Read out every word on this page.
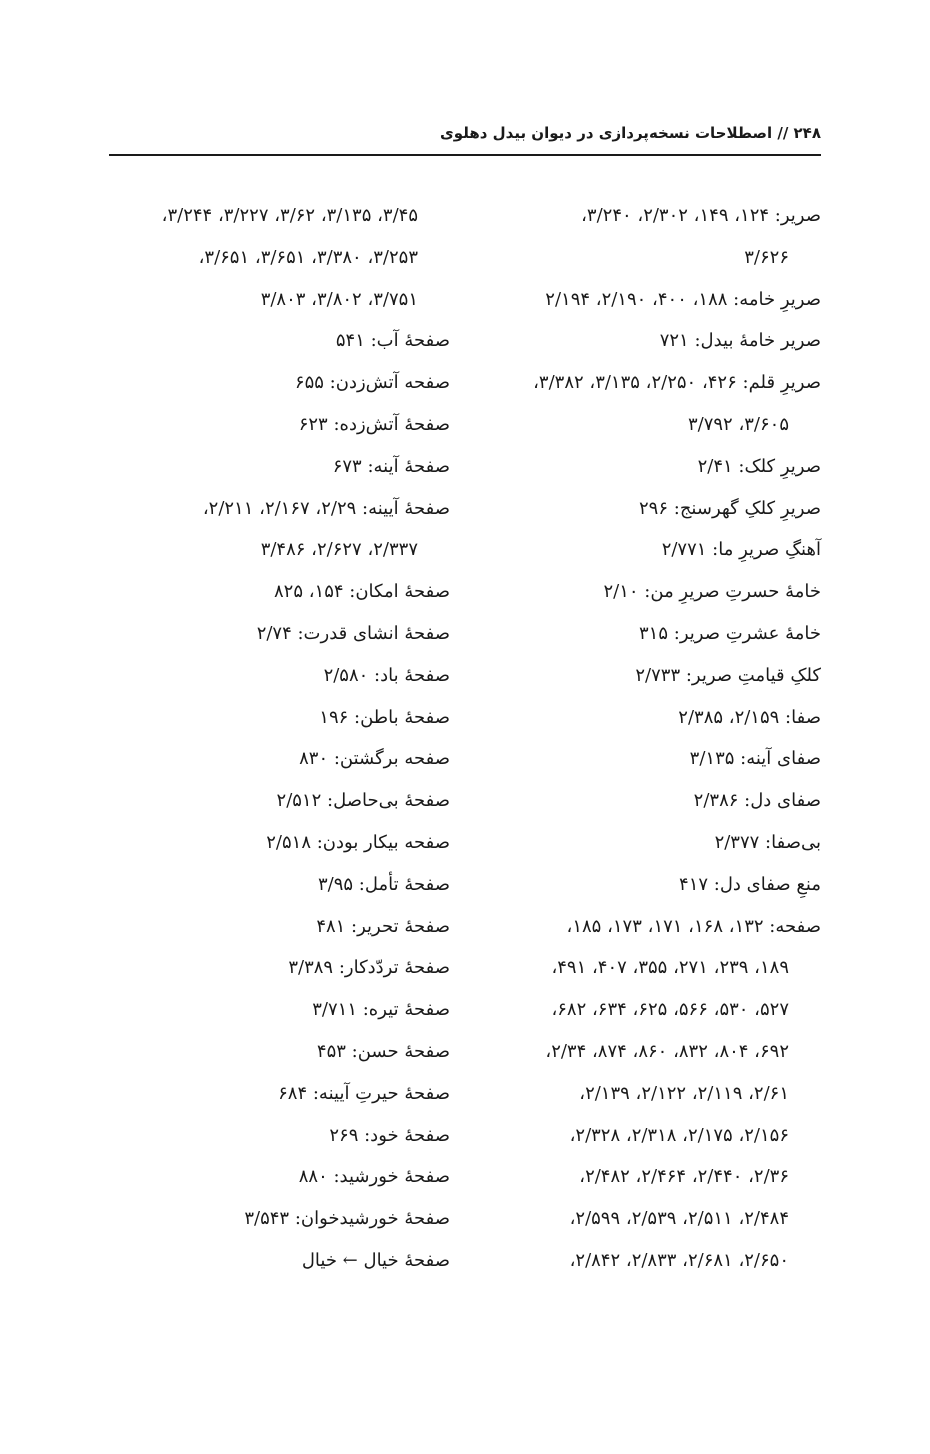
۲۴۸ // اصطلاحات نسخه‌پردازی در دیوان بیدل دهلوی
صریر: ۱۲۴، ۱۴۹، ۲/۳۰۲، ۳/۲۴۰،
۳/۶۲۶
صریرِ خامه: ۱۸۸، ۴۰۰، ۲/۱۹۰، ۲/۱۹۴
صریر خامهٔ بیدل: ۷۲۱
صریرِ قلم: ۴۲۶، ۲/۲۵۰، ۳/۱۳۵، ۳/۳۸۲،
۳/۶۰۵، ۳/۷۹۲
صریرِ کلک: ۲/۴۱
صریرِ کلکِ گهرسنج: ۲۹۶
آهنگِ صریرِ ما: ۲/۷۷۱
خامهٔ حسرتِ صریرِ من: ۲/۱۰
خامهٔ عشرتِ صریر: ۳۱۵
کلکِ قیامتِ صریر: ۲/۷۳۳
صفا: ۲/۱۵۹، ۲/۳۸۵
صفای آینه: ۳/۱۳۵
صفای دل: ۲/۳۸۶
بی‌صفا: ۲/۳۷۷
منعِ صفای دل: ۴۱۷
صفحه: ۱۳۲، ۱۶۸، ۱۷۱، ۱۷۳، ۱۸۵،
۱۸۹، ۲۳۹، ۲۷۱، ۳۵۵، ۴۰۷، ۴۹۱،
۵۲۷، ۵۳۰، ۵۶۶، ۶۲۵، ۶۳۴، ۶۸۲،
۶۹۲، ۸۰۴، ۸۳۲، ۸۶۰، ۸۷۴، ۲/۳۴،
۲/۶۱، ۲/۱۱۹، ۲/۱۲۲، ۲/۱۳۹،
۲/۱۵۶، ۲/۱۷۵، ۲/۳۱۸، ۲/۳۲۸،
۲/۳۶، ۲/۴۴۰، ۲/۴۶۴، ۲/۴۸۲،
۲/۴۸۴، ۲/۵۱۱، ۲/۵۳۹، ۲/۵۹۹،
۲/۶۵۰، ۲/۶۸۱، ۲/۸۳۳، ۲/۸۴۲،
۳/۴۵، ۳/۱۳۵، ۳/۶۲، ۳/۲۲۷، ۳/۲۴۴،
۳/۲۵۳، ۳/۳۸۰، ۳/۶۵۱، ۳/۶۵۱،
۳/۷۵۱، ۳/۸۰۲، ۳/۸۰۳
صفحهٔ آب: ۵۴۱
صفحه آتش‌زدن: ۶۵۵
صفحهٔ آتش‌زده: ۶۲۳
صفحهٔ آینه: ۶۷۳
صفحهٔ آیینه: ۲/۲۹، ۲/۱۶۷، ۲/۲۱۱،
۲/۳۳۷، ۲/۶۲۷، ۳/۴۸۶
صفحهٔ امکان: ۱۵۴، ۸۲۵
صفحهٔ انشای قدرت: ۲/۷۴
صفحهٔ باد: ۲/۵۸۰
صفحهٔ باطن: ۱۹۶
صفحه برگشتن: ۸۳۰
صفحهٔ بی‌حاصل: ۲/۵۱۲
صفحه بیکار بودن: ۲/۵۱۸
صفحهٔ تأمل: ۳/۹۵
صفحهٔ تحریر: ۴۸۱
صفحهٔ تردّدکار: ۳/۳۸۹
صفحهٔ تیره: ۳/۷۱۱
صفحهٔ حسن: ۴۵۳
صفحهٔ حیرتِ آیینه: ۶۸۴
صفحهٔ خود: ۲۶۹
صفحهٔ خورشید: ۸۸۰
صفحهٔ خورشیدخوان: ۳/۵۴۳
صفحهٔ خیال ← خیال
